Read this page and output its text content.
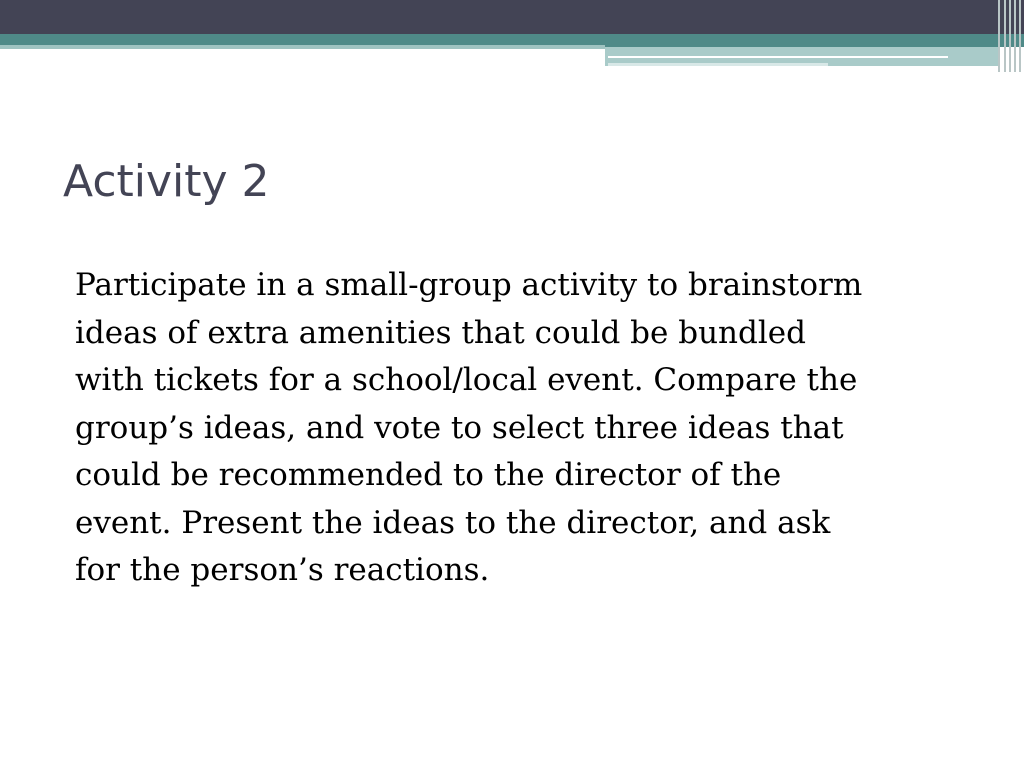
Activity 2

Participate in a small-group activity to brainstorm
ideas of extra amenities that could be bundled
with tickets for a school/local event. Compare the
group’s ideas, and vote to select three ideas that
could be recommended to the director of the
event. Present the ideas to the director, and ask
for the person’s reactions.
